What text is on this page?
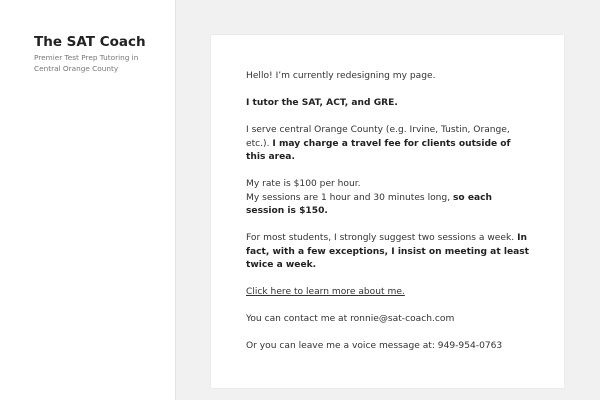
The SAT Coach

Premier Test Prep Tutoring in Central Orange County

Hello! I’m currently redesigning my page.

I tutor the SAT, ACT, and GRE.

I serve central Orange County (e.g. Irvine, Tustin, Orange, etc.). I may charge a travel fee for clients outside of this area.

My rate is $100 per hour.
My sessions are 1 hour and 30 minutes long, so each session is $150.

For most students, I strongly suggest two sessions a week. In fact, with a few exceptions, I insist on meeting at least twice a week.

Click here to learn more about me.

You can contact me at ronnie@sat-coach.com

Or you can leave me a voice message at: 949-954-0763
